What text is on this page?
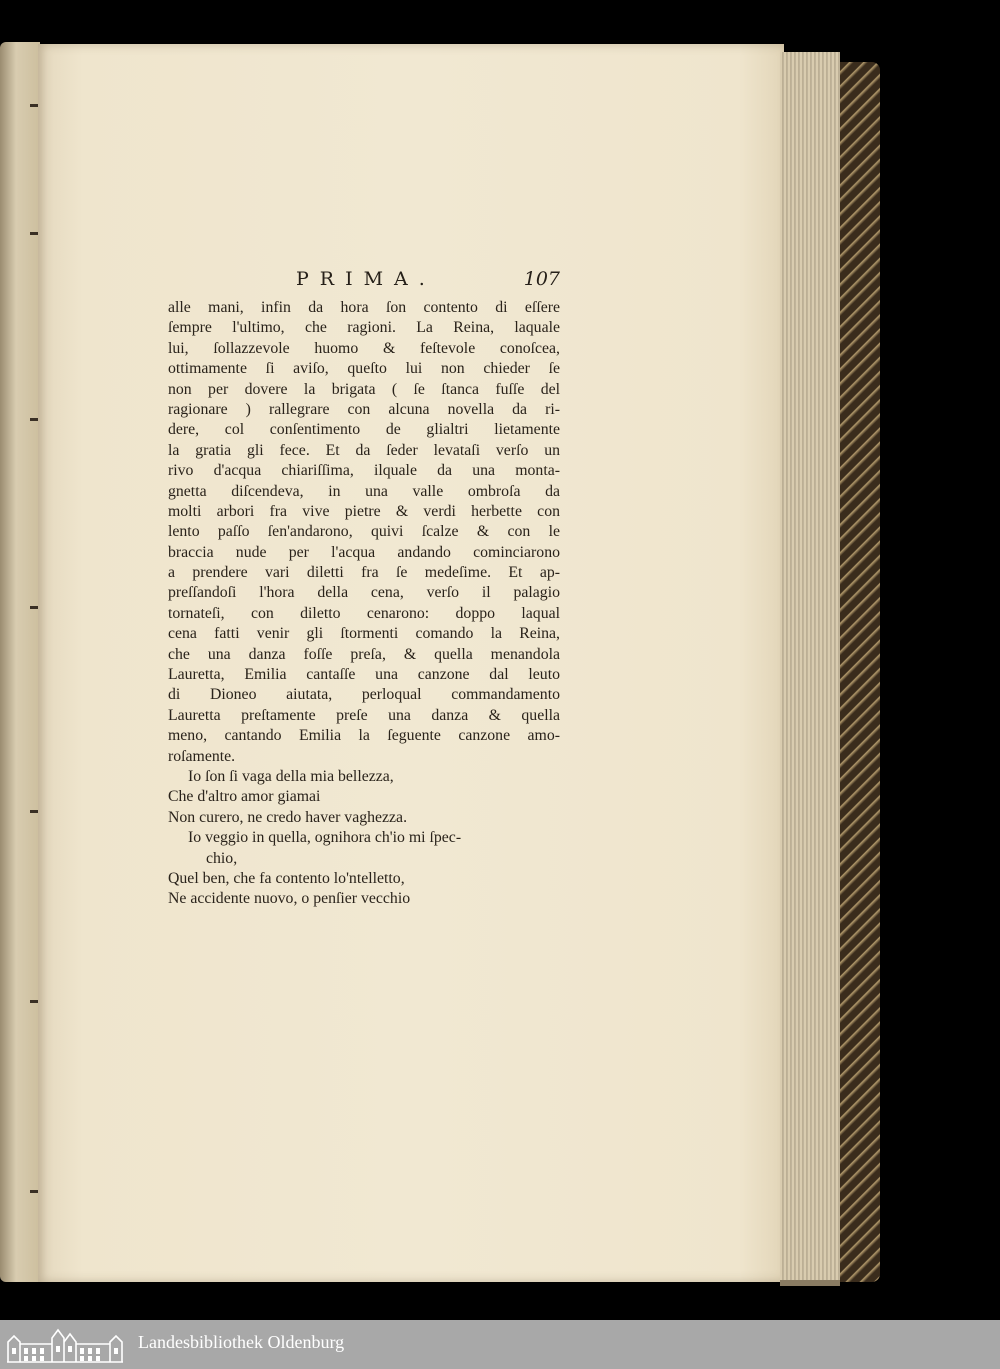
PRIMA.	107
alle mani, infin da hora ſon contento di eſſere
ſempre l'ultimo, che ragioni. La Reina, laquale
lui, ſollazzevole huomo & feſtevole conoſcea,
ottimamente ſi aviſo, queſto lui non chieder ſe
non per dovere la brigata ( ſe ſtanca fuſſe del
ragionare ) rallegrare con alcuna novella da ri-
dere, col conſentimento de glialtri lietamente
la gratia gli fece. Et da ſeder levataſi verſo un
rivo d'acqua chiariſſima, ilquale da una monta-
gnetta diſcendeva, in una valle ombroſa da
molti arbori fra vive pietre & verdi herbette con
lento paſſo ſen'andarono, quivi ſcalze & con le
braccia nude per l'acqua andando cominciarono
a prendere vari diletti fra ſe medeſime. Et ap-
preſſandoſi l'hora della cena, verſo il palagio
tornateſi, con diletto cenarono: doppo laqual
cena fatti venir gli ſtormenti comando la Reina,
che una danza foſſe preſa, & quella menandola
Lauretta, Emilia cantaſſe una canzone dal leuto
di Dioneo aiutata, perloqual commandamento
Lauretta preſtamente preſe una danza & quella
meno, cantando Emilia la ſeguente canzone amo-
roſamente.
Io ſon ſi vaga della mia bellezza,
Che d'altro amor giamai
Non curero, ne credo haver vaghezza.
Io veggio in quella, ognihora ch'io mi ſpec-
chio,
Quel ben, che fa contento lo'ntelletto,
Ne accidente nuovo, o penſier vecchio
Landesbibliothek Oldenburg
